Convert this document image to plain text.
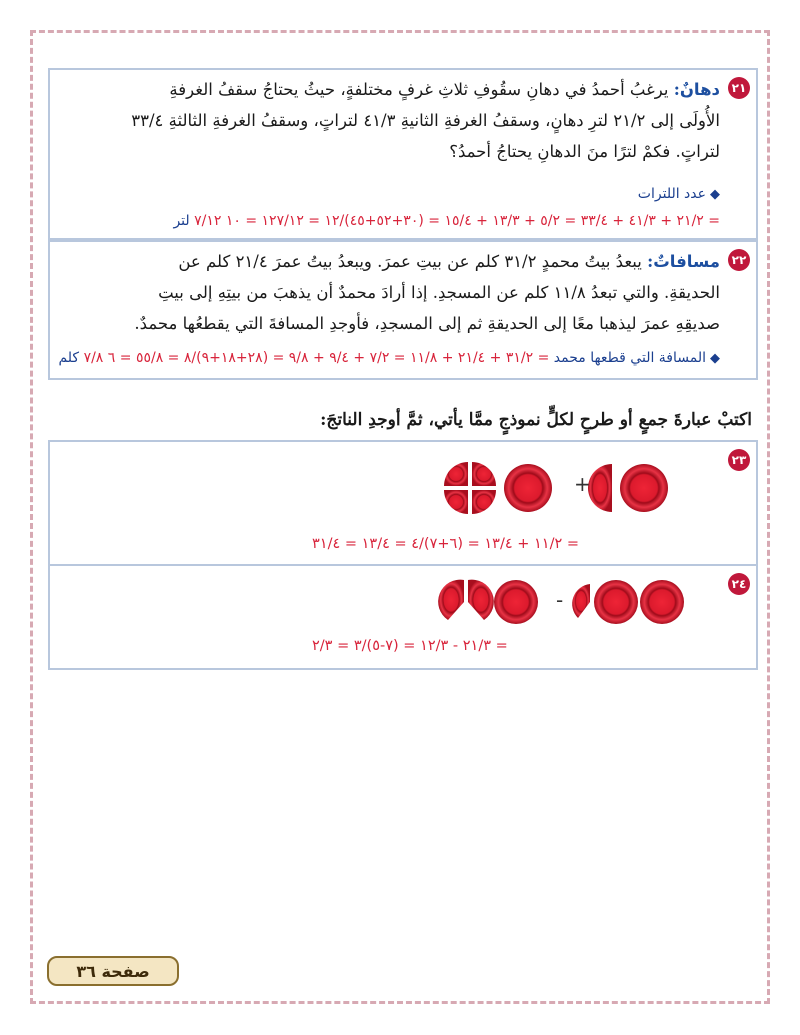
٢١
دهانٌ: يرغبُ أحمدُ في دهانِ سقُوفِ ثلاثِ غرفٍ مختلفةٍ، حيثُ يحتاجُ سقفُ الغرفةِ
الأُولَى إلى ٢١/٢ لترِ دهانٍ، وسقفُ الغرفةِ الثانيةِ ٤١/٣ لتراتٍ، وسقفُ الغرفةِ الثالثةِ ٣٣/٤
لتراتٍ. فكمْ لترًا منَ الدهانِ يحتاجُ أحمدُ؟
◆عدد اللترات
= ٢١/٢ + ٤١/٣ + ٣٣/٤ = ٥/٢ + ١٣/٣ + ١٥/٤ = (٣٠+٥٢+٤٥)/١٢ = ١٢٧/١٢ = ١٠ ٧/١٢ لتر
٢٢
مسافاتٌ: يبعدُ بيتُ محمدٍ ٣١/٢ كلم عن بيتِ عمرَ. ويبعدُ بيتُ عمرَ ٢١/٤ كلم عن
الحديقةِ. والتي تبعدُ ١١/٨ كلم عن المسجدِ. إذا أرادَ محمدٌ أن يذهبَ من بيتِهِ إلى بيتِ
صديقِهِ عمرَ ليذهبا معًا إلى الحديقةِ ثم إلى المسجدِ، فأوجدِ المسافةَ التي يقطعُها محمدٌ.
◆المسافة التي قطعها محمد = ٣١/٢ + ٢١/٤ + ١١/٨ = ٧/٢ + ٩/٤ + ٩/٨ = (٢٨+١٨+٩)/٨ = ٥٥/٨ = ٦ ٧/٨ كلم
اكتبْ عبارةَ جمعٍ أو طرحٍ لكلٍّ نموذجٍ ممَّا يأتي، ثمَّ أوجدِ الناتجَ:
٢٣
+
= ١١/٢ + ١٣/٤ = (٦+٧)/٤ = ١٣/٤ = ٣١/٤
٢٤
-
= ٢١/٣ - ١٢/٣ = (٧-٥)/٣ = ٢/٣
صفحة ٣٦
